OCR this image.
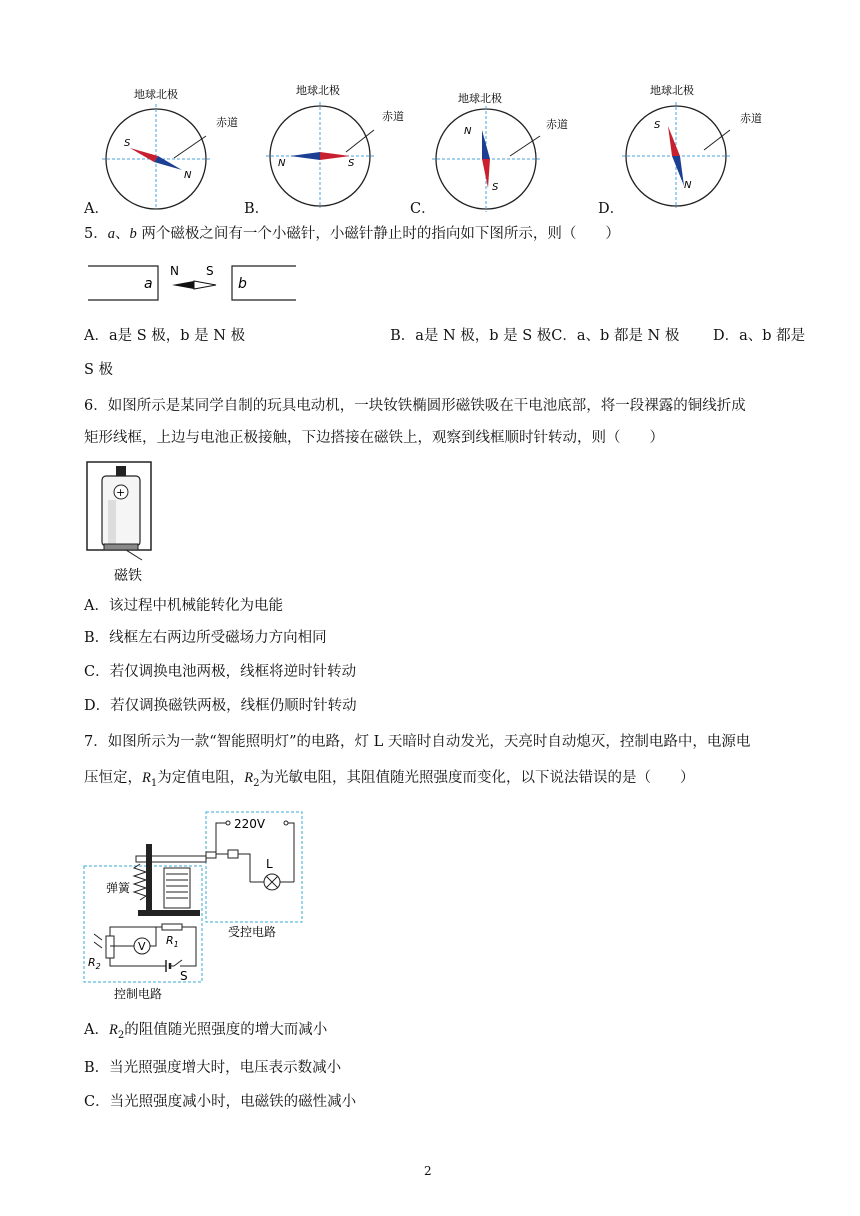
A．
地球北极
赤道
S
N
B．
地球北极
赤道
N	S
C．
地球北极
赤道
N
S
D．
地球北极
赤道
S
N
5．a、b 两个磁极之间有一个小磁针，小磁针静止时的指向如下图所示，则（　　）
a	b
N S
A．a是 S 极，b 是 N 极　　　　　　　　　　B．a是 N 极，b 是 S 极C．a、b 都是 N 极　　 D．a、b 都是
S 极
6．如图所示是某同学自制的玩具电动机，一块钕铁椭圆形磁铁吸在干电池底部，将一段裸露的铜线折成
矩形线框，上边与电池正极接触，下边搭接在磁铁上，观察到线框顺时针转动，则（　　）
+
磁铁
A．该过程中机械能转化为电能
B．线框左右两边所受磁场力方向相同
C．若仅调换电池两极，线框将逆时针转动
D．若仅调换磁铁两极，线框仍顺时针转动
7．如图所示为一款“智能照明灯”的电路，灯 L 天暗时自动发光，天亮时自动熄灭，控制电路中，电源电
压恒定，$R_1$为定值电阻，$R_2$为光敏电阻，其阻值随光照强度而变化，以下说法错误的是（　　）
220V
L
受控电路
弹簧
$R_1$
$R_2$
V
S
控制电路
A．$R_2$的阻值随光照强度的增大而减小
B．当光照强度增大时，电压表示数减小
C．当光照强度减小时，电磁铁的磁性减小
2
